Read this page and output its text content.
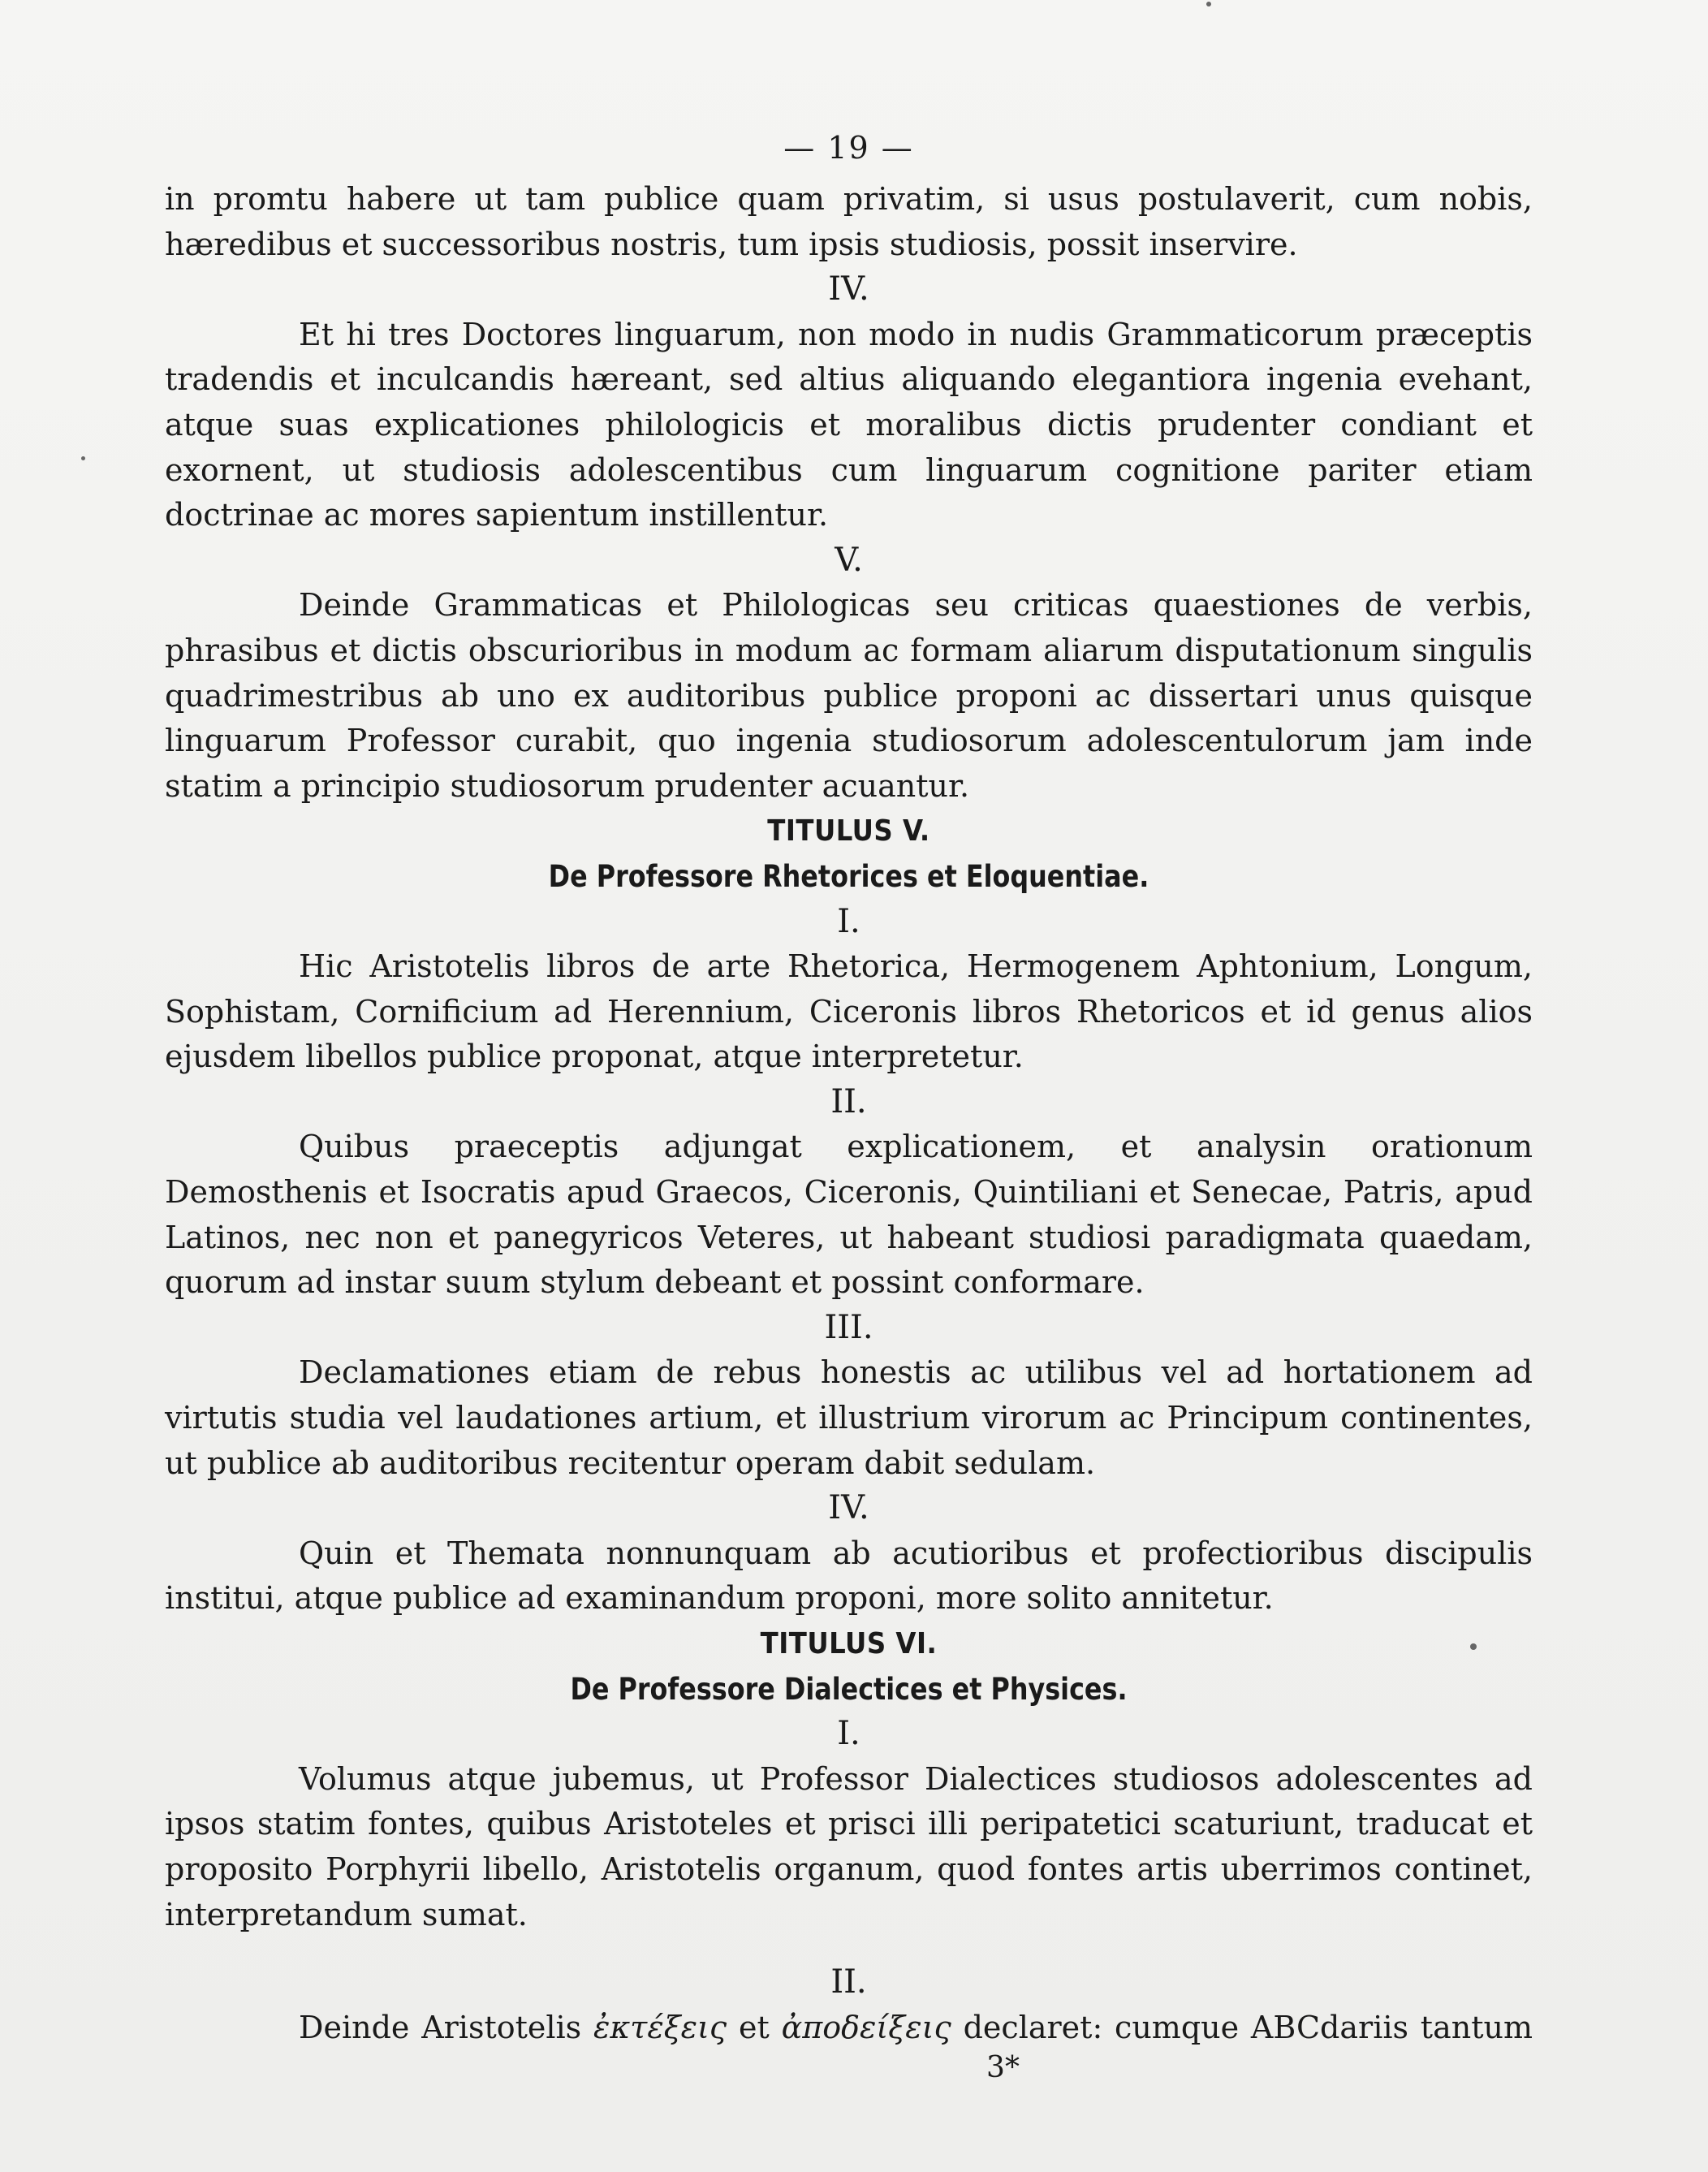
— 19 —

in promtu habere ut tam publice quam privatim, si usus postulaverit, cum nobis, hæredibus et successoribus nostris, tum ipsis studiosis, possit inservire.

IV.

Et hi tres Doctores linguarum, non modo in nudis Grammaticorum præceptis tradendis et inculcandis hæreant, sed altius aliquando elegantiora ingenia evehant, atque suas explicationes philologicis et moralibus dictis prudenter condiant et exornent, ut studiosis adolescentibus cum linguarum cognitione pariter etiam doctrinae ac mores sapientum instillentur.

V.

Deinde Grammaticas et Philologicas seu criticas quaestiones de verbis, phrasibus et dictis obscurioribus in modum ac formam aliarum disputationum singulis quadrimestribus ab uno ex auditoribus publice proponi ac dissertari unus quisque linguarum Professor curabit, quo ingenia studiosorum adolescentulorum jam inde statim a principio studiosorum prudenter acuantur.

TITULUS V.
De Professore Rhetorices et Eloquentiae.
I.

Hic Aristotelis libros de arte Rhetorica, Hermogenem Aphtonium, Longum, Sophistam, Cornificium ad Herennium, Ciceronis libros Rhetoricos et id genus alios ejusdem libellos publice proponat, atque interpretetur.

II.

Quibus praeceptis adjungat explicationem, et analysin orationum Demosthenis et Isocratis apud Graecos, Ciceronis, Quintiliani et Senecae, Patris, apud Latinos, nec non et panegyricos Veteres, ut habeant studiosi paradigmata quaedam, quorum ad instar suum stylum debeant et possint conformare.

III.

Declamationes etiam de rebus honestis ac utilibus vel ad hortationem ad virtutis studia vel laudationes artium, et illustrium virorum ac Principum continentes, ut publice ab auditoribus recitentur operam dabit sedulam.

IV.

Quin et Themata nonnunquam ab acutioribus et profectioribus discipulis institui, atque publice ad examinandum proponi, more solito annitetur.

TITULUS VI.
De Professore Dialectices et Physices.
I.

Volumus atque jubemus, ut Professor Dialectices studiosos adolescentes ad ipsos statim fontes, quibus Aristoteles et prisci illi peripatetici scaturiunt, traducat et proposito Porphyrii libello, Aristotelis organum, quod fontes artis uberrimos continet, interpretandum sumat.

II.

Deinde Aristotelis ἐκτέξεις et ἀποδείξεις declaret: cumque ABCdariis tantum

3*
